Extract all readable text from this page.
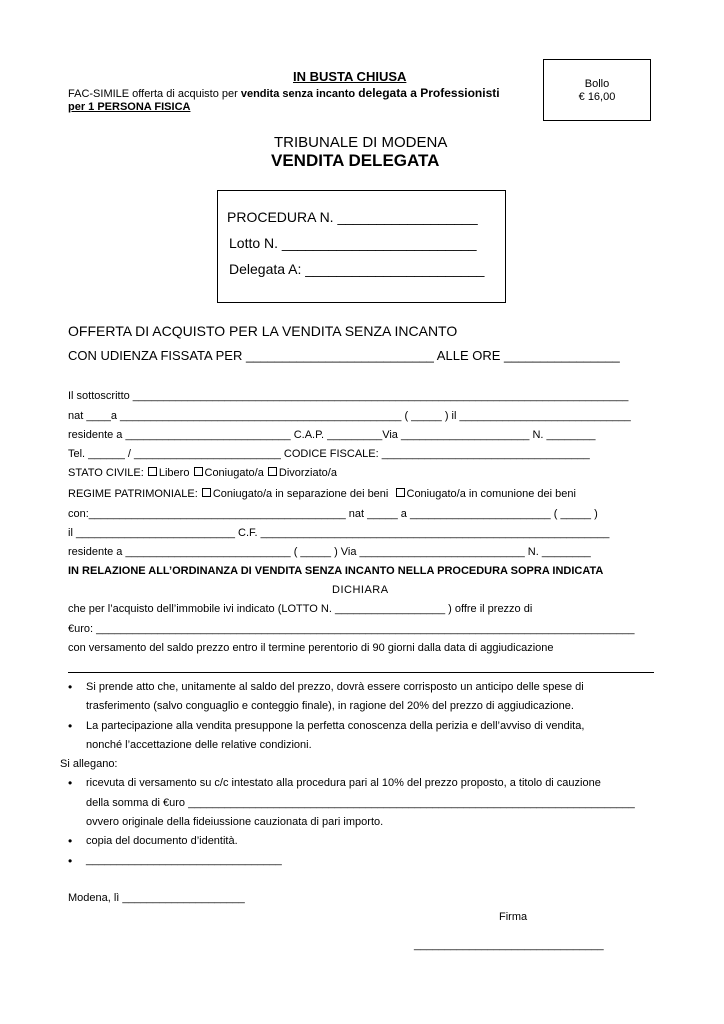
IN BUSTA CHIUSA
FAC-SIMILE offerta di acquisto per vendita senza incanto delegata a Professionisti
per 1 PERSONA FISICA
Bollo
€ 16,00
TRIBUNALE DI MODENA
VENDITA DELEGATA
PROCEDURA N. __________________
Lotto N. _________________________
Delegata A: _______________________
OFFERTA DI ACQUISTO PER LA VENDITA SENZA INCANTO
CON UDIENZA FISSATA PER __________________________ ALLE ORE ________________
Il sottoscritto _________________________________________________________________________________
nat ____a ______________________________________________ ( _____ ) il ____________________________
residente a ___________________________ C.A.P. _________Via _____________________ N. ________
Tel. ______ / ________________________ CODICE FISCALE: __________________________________
STATO CIVILE: Libero Coniugato/a Divorziato/a
REGIME PATRIMONIALE: Coniugato/a in separazione dei beni Coniugato/a in comunione dei beni
con:__________________________________________ nat _____ a _______________________ ( _____ )
il __________________________ C.F. _________________________________________________________
residente a ___________________________ ( _____ ) Via ___________________________ N. ________
IN RELAZIONE ALL’ORDINANZA DI VENDITA SENZA INCANTO NELLA PROCEDURA SOPRA INDICATA
DICHIARA
che per l’acquisto dell’immobile ivi indicato (LOTTO N. __________________ ) offre il prezzo di
€uro: ________________________________________________________________________________________
con versamento del saldo prezzo entro il termine perentorio di 90 giorni dalla data di aggiudicazione
• Si prende atto che, unitamente al saldo del prezzo, dovrà essere corrisposto un anticipo delle spese di
trasferimento (salvo conguaglio e conteggio finale), in ragione del 20% del prezzo di aggiudicazione.
• La partecipazione alla vendita presuppone la perfetta conoscenza della perizia e dell’avviso di vendita,
nonché l’accettazione delle relative condizioni.
Si allegano:
• ricevuta di versamento su c/c intestato alla procedura pari al 10% del prezzo proposto, a titolo di cauzione
della somma di €uro _________________________________________________________________________
ovvero originale della fideiussione cauzionata di pari importo.
• copia del documento d’identità.
• ________________________________
Modena, lì ____________________
Firma
_______________________________
